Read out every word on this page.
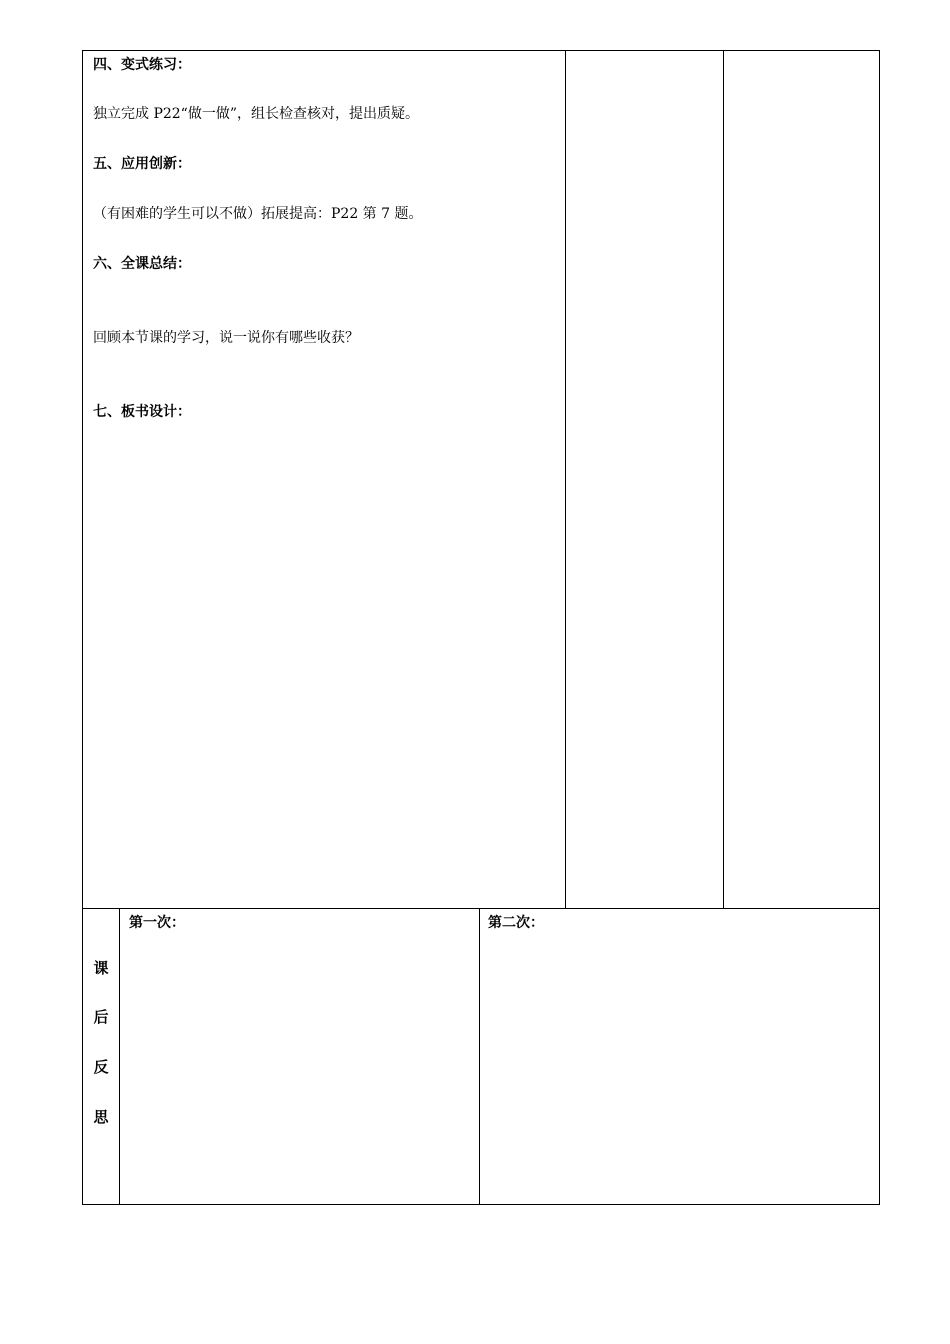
四、变式练习：
独立完成 P22“做一做”，组长检查核对，提出质疑。
五、应用创新：
（有困难的学生可以不做）拓展提高：P22 第 7 题。
六、全课总结：
回顾本节课的学习，说一说你有哪些收获？
七、板书设计：
课
后
反
思
第一次：	第二次：
